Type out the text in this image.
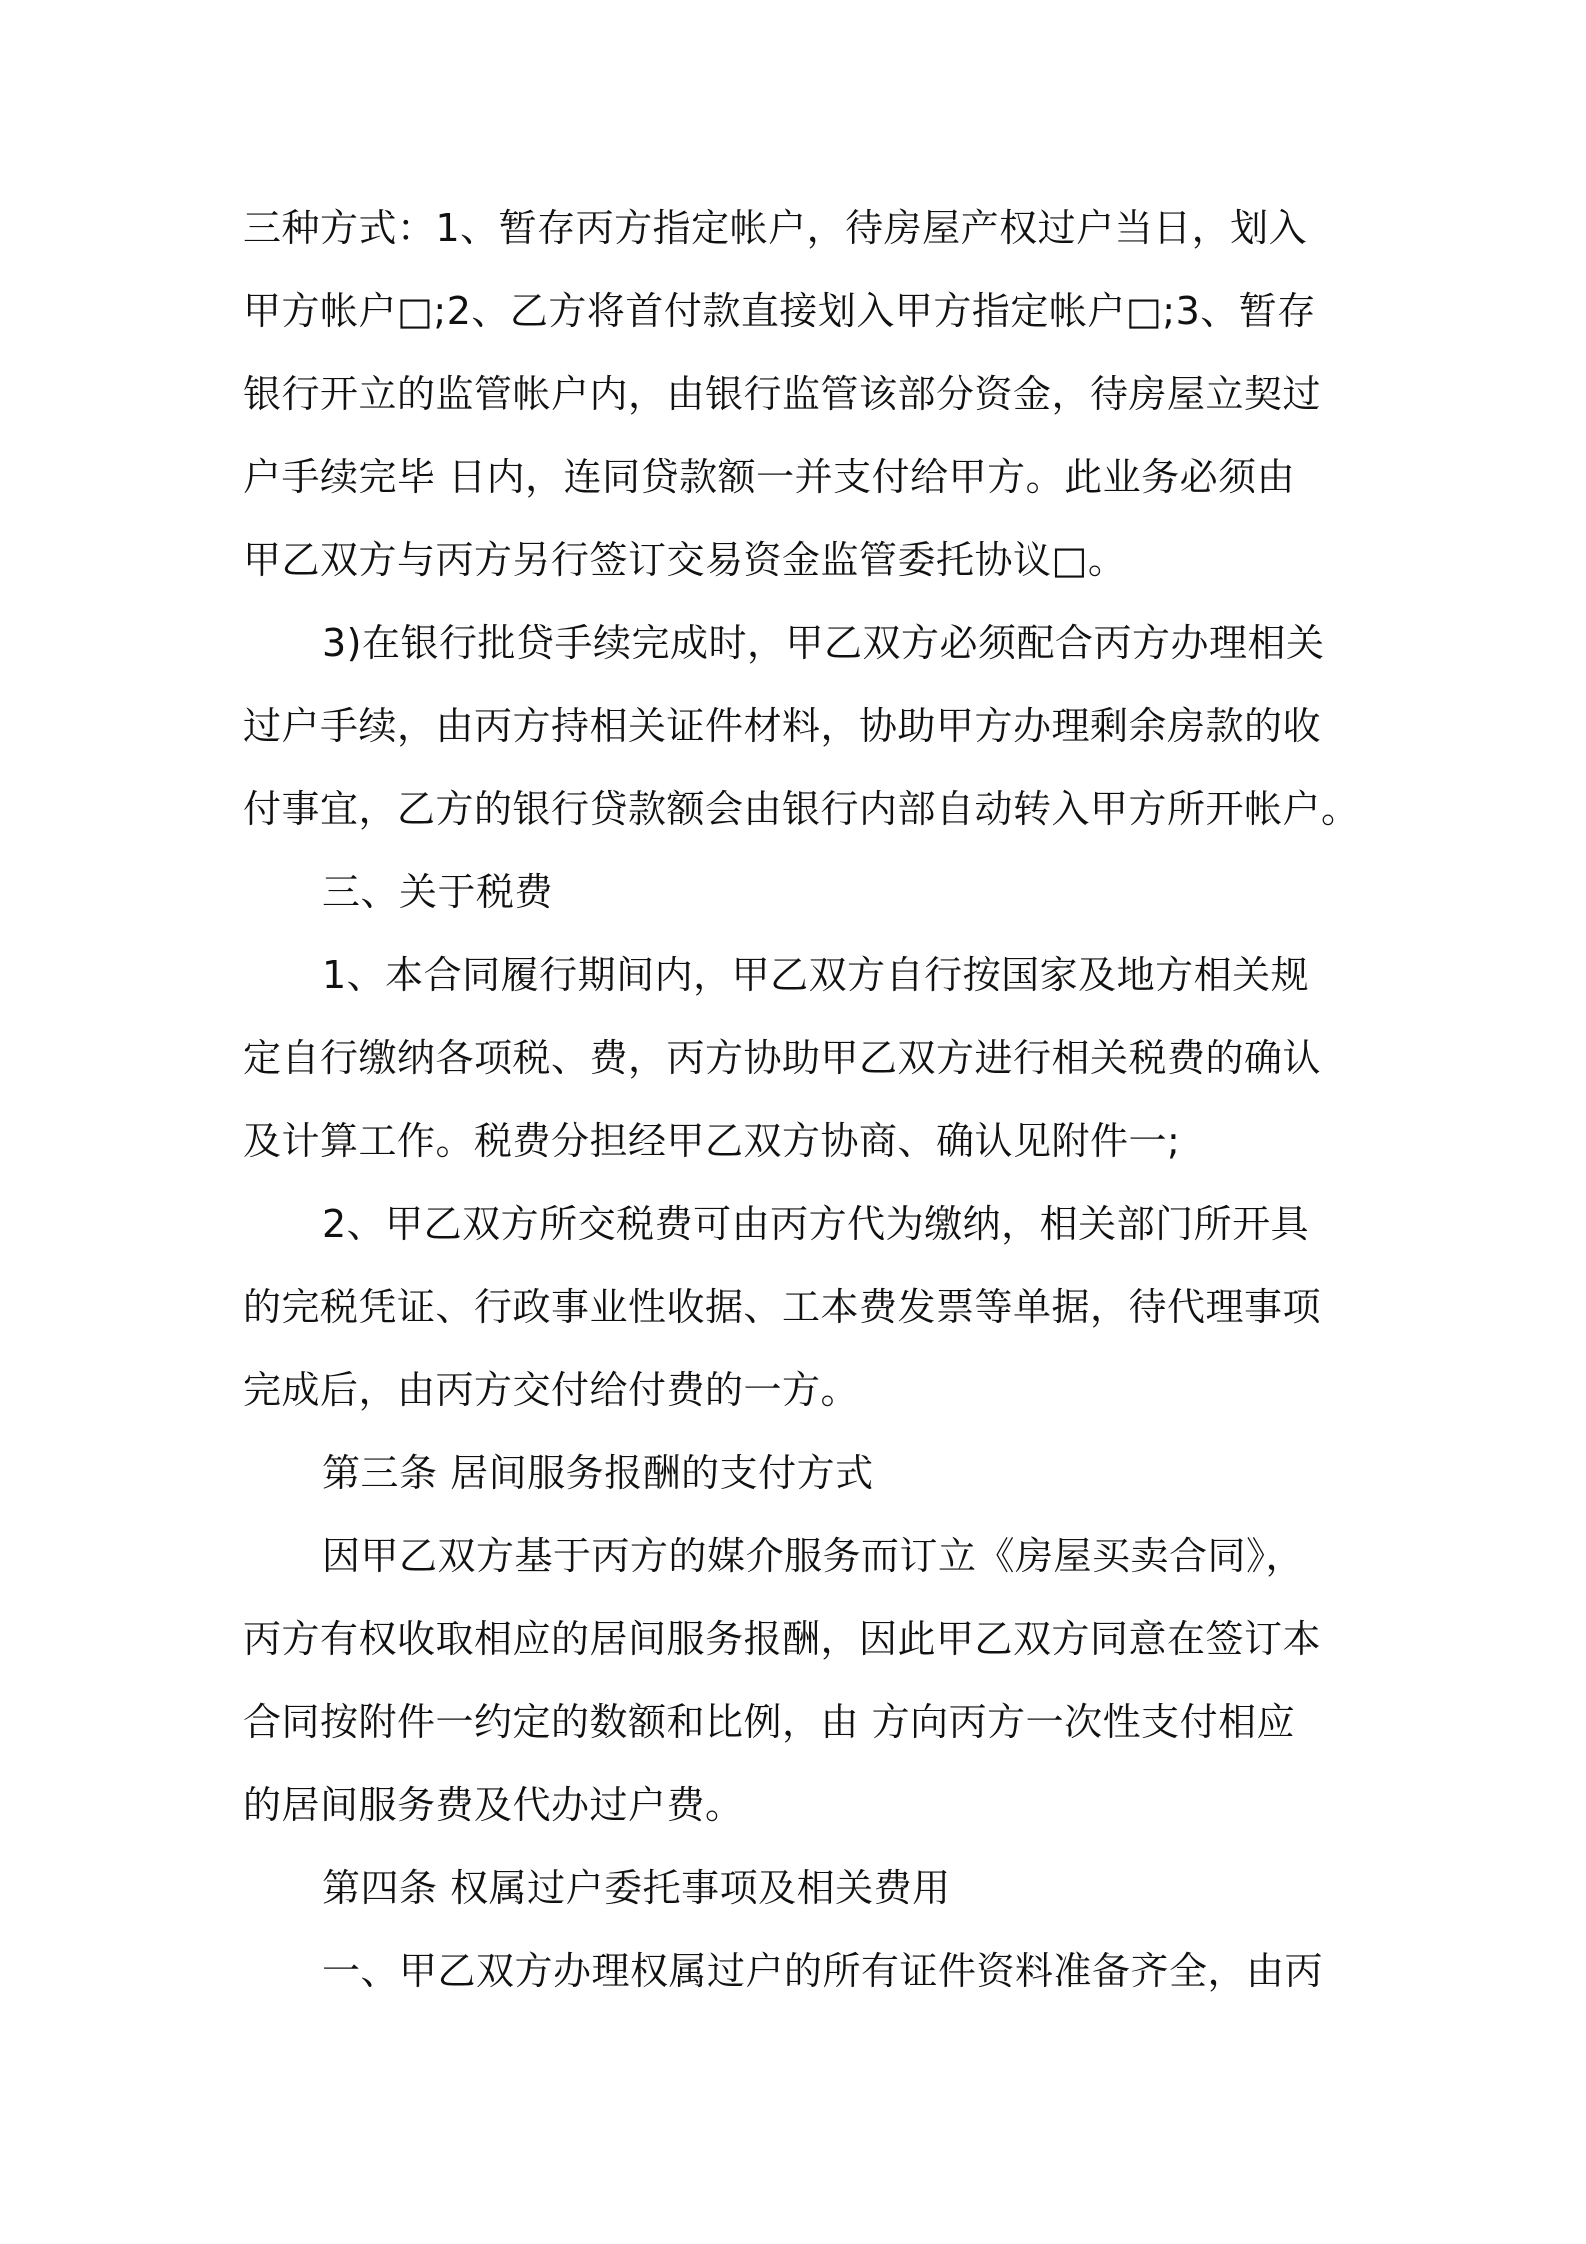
三种方式：1、暂存丙方指定帐户，待房屋产权过户当日，划入
甲方帐户□;2、乙方将首付款直接划入甲方指定帐户□;3、暂存
银行开立的监管帐户内，由银行监管该部分资金，待房屋立契过
户手续完毕 日内，连同贷款额一并支付给甲方。此业务必须由
甲乙双方与丙方另行签订交易资金监管委托协议□。
3)在银行批贷手续完成时，甲乙双方必须配合丙方办理相关
过户手续，由丙方持相关证件材料，协助甲方办理剩余房款的收
付事宜，乙方的银行贷款额会由银行内部自动转入甲方所开帐户。
三、关于税费
1、本合同履行期间内，甲乙双方自行按国家及地方相关规
定自行缴纳各项税、费，丙方协助甲乙双方进行相关税费的确认
及计算工作。税费分担经甲乙双方协商、确认见附件一;
2、甲乙双方所交税费可由丙方代为缴纳，相关部门所开具
的完税凭证、行政事业性收据、工本费发票等单据，待代理事项
完成后，由丙方交付给付费的一方。
第三条 居间服务报酬的支付方式
因甲乙双方基于丙方的媒介服务而订立《房屋买卖合同》，
丙方有权收取相应的居间服务报酬，因此甲乙双方同意在签订本
合同按附件一约定的数额和比例，由 方向丙方一次性支付相应
的居间服务费及代办过户费。
第四条 权属过户委托事项及相关费用
一、甲乙双方办理权属过户的所有证件资料准备齐全，由丙
